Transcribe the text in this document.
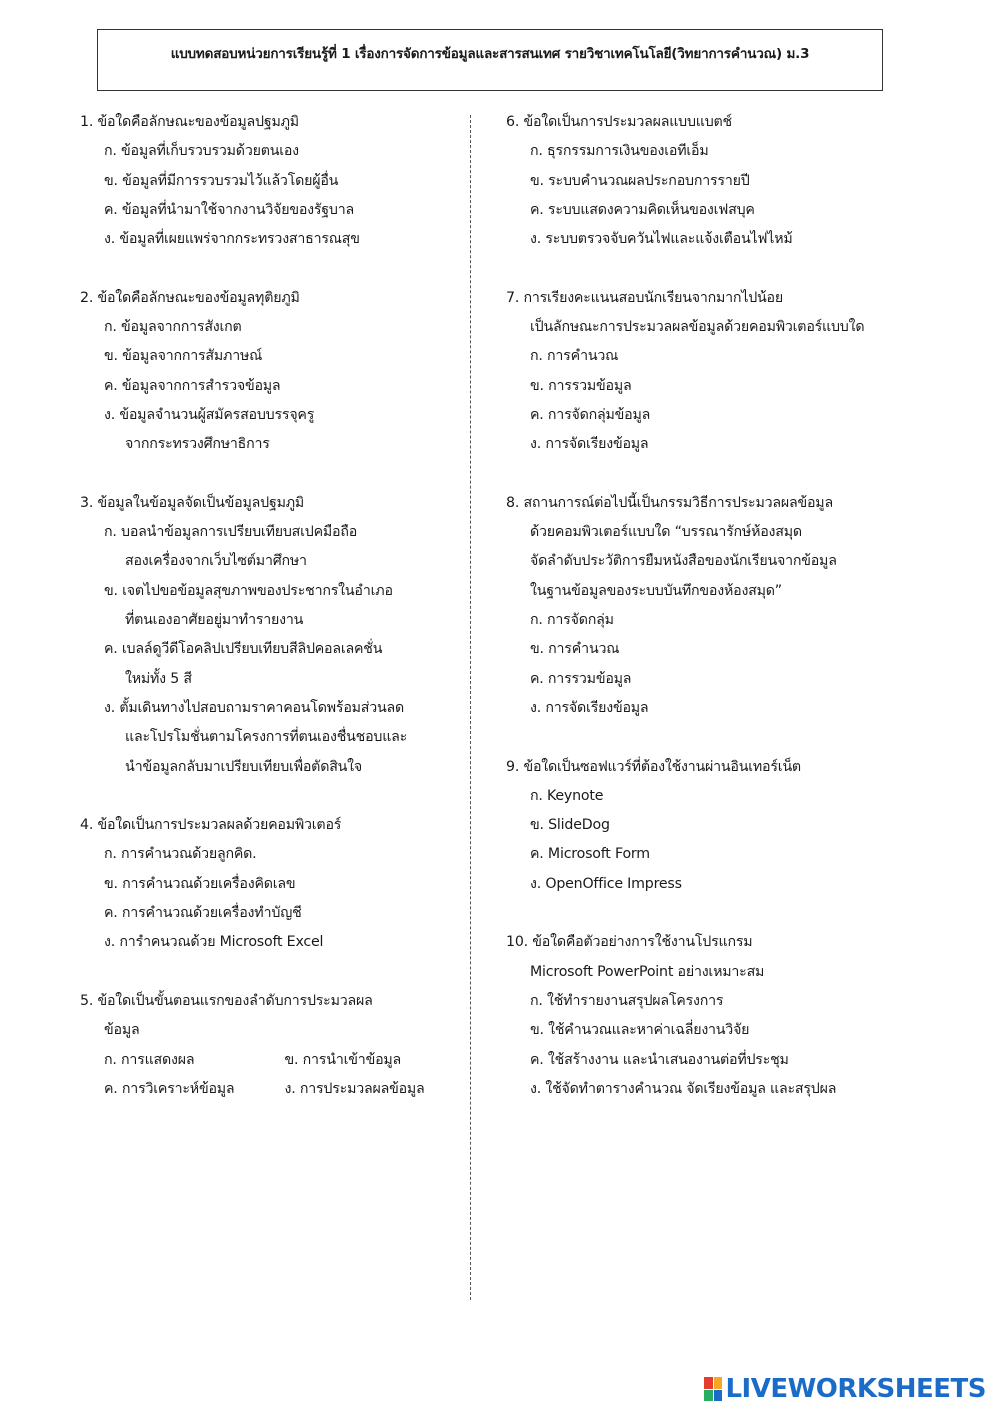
แบบทดสอบหน่วยการเรียนรู้ที่ 1 เรื่องการจัดการข้อมูลและสารสนเทศ รายวิชาเทคโนโลยี(วิทยาการคำนวณ) ม.3
1. ข้อใดคือลักษณะของข้อมูลปฐมภูมิ
ก. ข้อมูลที่เก็บรวบรวมด้วยตนเอง
ข. ข้อมูลที่มีการรวบรวมไว้แล้วโดยผู้อื่น
ค. ข้อมูลที่นำมาใช้จากงานวิจัยของรัฐบาล
ง. ข้อมูลที่เผยแพร่จากกระทรวงสาธารณสุข
2. ข้อใดคือลักษณะของข้อมูลทุติยภูมิ
ก. ข้อมูลจากการสังเกต
ข. ข้อมูลจากการสัมภาษณ์
ค. ข้อมูลจากการสำรวจข้อมูล
ง. ข้อมูลจำนวนผู้สมัครสอบบรรจุครู
จากกระทรวงศึกษาธิการ
3. ข้อมูลในข้อมูลจัดเป็นข้อมูลปฐมภูมิ
ก. บอลนำข้อมูลการเปรียบเทียบสเปคมือถือ
สองเครื่องจากเว็บไซต์มาศึกษา
ข. เจตไปขอข้อมูลสุขภาพของประชากรในอำเภอ
ที่ตนเองอาศัยอยู่มาทำรายงาน
ค. เบลล์ดูวีดีโอคลิปเปรียบเทียบสีลิปคอลเลคชั่น
ใหม่ทั้ง 5 สี
ง. ตั้มเดินทางไปสอบถามราคาคอนโดพร้อมส่วนลด
และโปรโมชั่นตามโครงการที่ตนเองชื่นชอบและ
นำข้อมูลกลับมาเปรียบเทียบเพื่อตัดสินใจ
4. ข้อใดเป็นการประมวลผลด้วยคอมพิวเตอร์
ก. การคำนวณด้วยลูกคิด.
ข. การคำนวณด้วยเครื่องคิดเลข
ค. การคำนวณด้วยเครื่องทำบัญชี
ง. การำคนวณด้วย Microsoft Excel
5. ข้อใดเป็นขั้นตอนแรกของลำดับการประมวลผล
ข้อมูล
ก. การแสดงผล	ข. การนำเข้าข้อมูล
ค. การวิเคราะห์ข้อมูล	ง. การประมวลผลข้อมูล
6. ข้อใดเป็นการประมวลผลแบบแบตช์
ก. ธุรกรรมการเงินของเอทีเอ็ม
ข. ระบบคำนวณผลประกอบการรายปี
ค. ระบบแสดงความคิดเห็นของเฟสบุค
ง. ระบบตรวจจับควันไฟและแจ้งเตือนไฟไหม้
7. การเรียงคะแนนสอบนักเรียนจากมากไปน้อย
เป็นลักษณะการประมวลผลข้อมูลด้วยคอมพิวเตอร์แบบใด
ก. การคำนวณ
ข. การรวมข้อมูล
ค. การจัดกลุ่มข้อมูล
ง. การจัดเรียงข้อมูล
8. สถานการณ์ต่อไปนี้เป็นกรรมวิธีการประมวลผลข้อมูล
ด้วยคอมพิวเตอร์แบบใด “บรรณารักษ์ห้องสมุด
จัดลำดับประวัติการยืมหนังสือของนักเรียนจากข้อมูล
ในฐานข้อมูลของระบบบันทึกของห้องสมุด”
ก. การจัดกลุ่ม
ข. การคำนวณ
ค. การรวมข้อมูล
ง. การจัดเรียงข้อมูล
9. ข้อใดเป็นซอฟแวร์ที่ต้องใช้งานผ่านอินเทอร์เน็ต
ก. Keynote
ข. SlideDog
ค. Microsoft Form
ง. OpenOffice Impress
10. ข้อใดคือตัวอย่างการใช้งานโปรแกรม
Microsoft PowerPoint อย่างเหมาะสม
ก. ใช้ทำรายงานสรุปผลโครงการ
ข. ใช้คำนวณและหาค่าเฉลี่ยงานวิจัย
ค. ใช้สร้างงาน และนำเสนองานต่อที่ประชุม
ง. ใช้จัดทำตารางคำนวณ จัดเรียงข้อมูล และสรุปผล
LIVEWORKSHEETS
